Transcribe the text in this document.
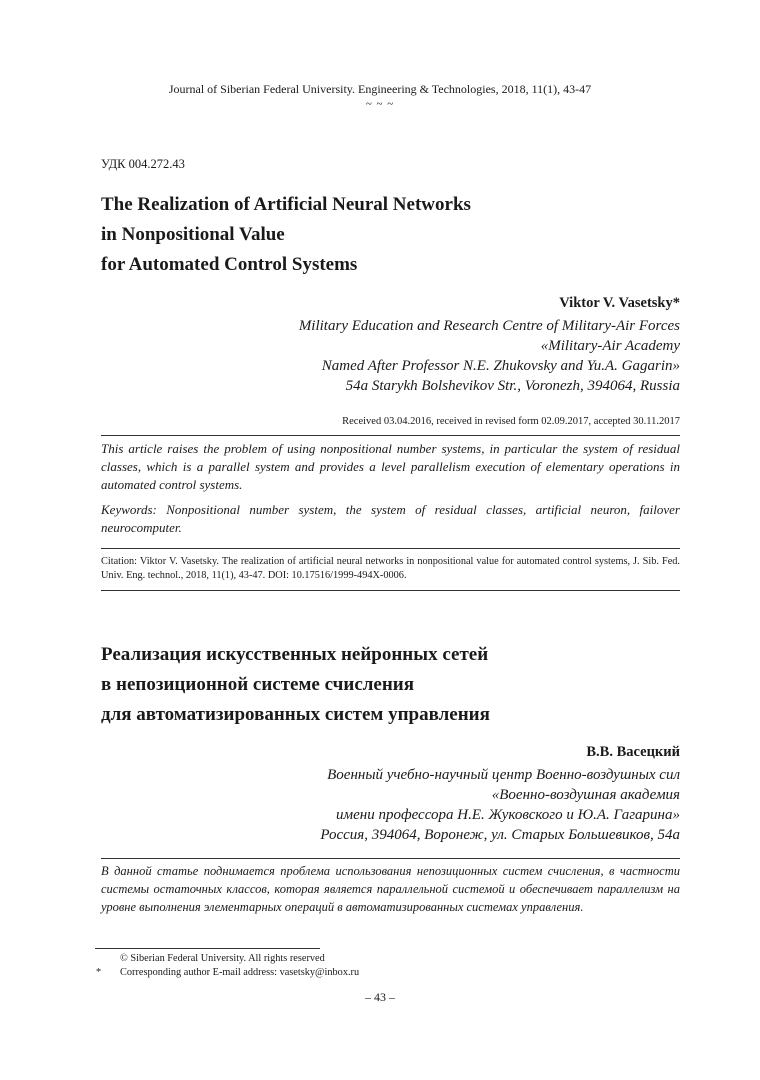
Journal of Siberian Federal University. Engineering & Technologies, 2018, 11(1), 43-47
~ ~ ~
УДК 004.272.43
The Realization of Artificial Neural Networks
in Nonpositional Value
for Automated Control Systems
Viktor V. Vasetsky*
Military Education and Research Centre of Military-Air Forces
«Military-Air Academy
Named After Professor N.E. Zhukovsky and Yu.A. Gagarin»
54a Starykh Bolshevikov Str., Voronezh, 394064, Russia
Received 03.04.2016, received in revised form 02.09.2017, accepted 30.11.2017
This article raises the problem of using nonpositional number systems, in particular the system of residual classes, which is a parallel system and provides a level parallelism execution of elementary operations in automated control systems.
Keywords: Nonpositional number system, the system of residual classes, artificial neuron, failover neurocomputer.
Citation: Viktor V. Vasetsky. The realization of artificial neural networks in nonpositional value for automated control systems, J. Sib. Fed. Univ. Eng. technol., 2018, 11(1), 43-47. DOI: 10.17516/1999-494X-0006.
Реализация искусственных нейронных сетей
в непозиционной системе счисления
для автоматизированных систем управления
В.В. Васецкий
Военный учебно-научный центр Военно-воздушных сил
«Военно-воздушная академия
имени профессора Н.Е. Жуковского и Ю.А. Гагарина»
Россия, 394064, Воронеж, ул. Старых Большевиков, 54а
В данной статье поднимается проблема использования непозиционных систем счисления, в частности системы остаточных классов, которая является параллельной системой и обеспечивает параллелизм на уровне выполнения элементарных операций в автоматизированных системах управления.
© Siberian Federal University. All rights reserved
* Corresponding author E-mail address: vasetsky@inbox.ru
– 43 –
